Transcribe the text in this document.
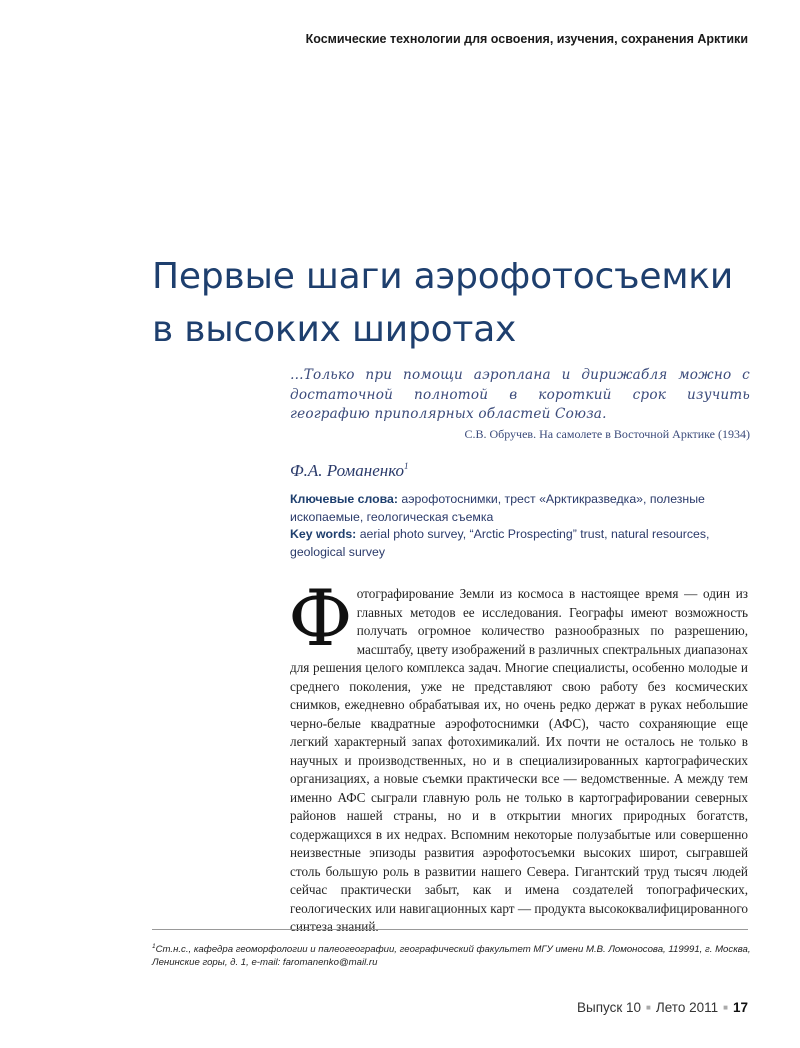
Космические технологии для освоения, изучения, сохранения Арктики
Первые шаги аэрофотосъемки
в высоких широтах
…Только при помощи аэроплана и дирижабля можно с достаточной полнотой в короткий срок изучить географию приполярных областей Союза.
С.В. Обручев. На самолете в Восточной Арктике (1934)
Ф.А. Романенко$^1$

Ключевые слова: аэрофотоснимки, трест «Арктикразведка», полезные ископаемые, геологическая съемка

Key words: aerial photo survey, “Arctic Prospecting” trust, natural resources, geological survey

Фотографирование Земли из космоса в настоящее время — один из главных методов ее исследования. Географы имеют возможность получать огромное количество разнообразных по разрешению, масштабу, цвету изображений в различных спектральных диапазонах для решения целого комплекса задач. Многие специалисты, особенно молодые и среднего поколения, уже не представляют свою работу без космических снимков, ежедневно обрабатывая их, но очень редко держат в руках небольшие черно-белые квадратные аэрофотоснимки (АФС), часто сохраняющие еще легкий характерный запах фотохимикалий. Их почти не осталось не только в научных и производственных, но и в специализированных картографических организациях, а новые съемки практически все — ведомственные. А между тем именно АФС сыграли главную роль не только в картографировании северных районов нашей страны, но и в открытии многих природных богатств, содержащихся в их недрах. Вспомним некоторые полузабытые или совершенно неизвестные эпизоды развития аэрофотосъемки высоких широт, сыгравшей столь большую роль в развитии нашего Севера. Гигантский труд тысяч людей сейчас практически забыт, как и имена создателей топографических, геологических или навигационных карт — продукта высококвалифицированного синтеза знаний.

$^1$Ст.н.с., кафедра геоморфологии и палеогеографии, географический факультет МГУ имени М.В. Ломоносова, 119991, г. Москва, Ленинские горы, д. 1, e-mail: faromanenko@mail.ru
Выпуск 10 ■ Лето 2011 ■ 17
